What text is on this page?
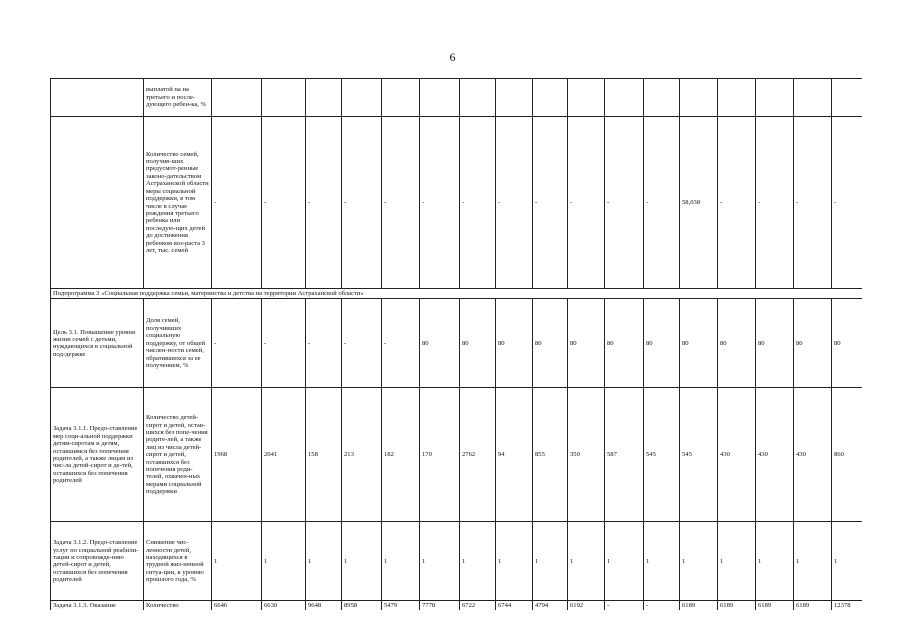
6
	выплатой на на третьего и после-дующего ребен-ка, %																	
	Количество семей, получив-ших предусмот-ренные законо-дательством Астраханской области меры социальной поддержки, в том числе в случае рождения третьего ребенка или последую-щих детей до достижения ребенком воз-раста 3 лет, тыс. семей	-	-	-	-	-	-	-	-	-	-	-	-	58,038	-	-	-	-
Подпрограмма 3 «Социальная поддержка семьи, материнства и детства на территории Астраханской области»																		
Цель 3.1. Повышение уровня жизни семей с детьми, нуждающихся в социальной под-держке	Доля семей, получивших социальную поддержку, от общей числен-ности семей, обратившихся за ее получением, %	-	-	-	-	-	80	80	80	80	80	80	80	80	80	80	80	80
Задача 3.1.1. Предо-ставление мер соци-альной поддержки детям-сиротам и детям, оставшимся без попечения родителей, а также лицам из чис-ла детей-сирот и де-тей, оставшихся без попечения родителей	Количество детей-сирот и детей, остав-шихся без попе-чения родите-лей, а также лиц из числа детей-сирот и детей, оставшихся без попечения роди-телей, охвачен-ных мерами социальной поддержки	1968	2041	158	213	182	170	2762	94	855	350	587	545	545	430	430	430	860
Задача 3.1.2. Предо-ставление услуг по социальной реабили-тации и сопровожде-нию детей-сирот и детей, оставшихся без попечения родителей	Снижение чис-ленности детей, находящихся в трудной жиз-ненной ситуа-ции, к уровню прошлого года, %	1	1	1	1	1	1	1	1	1	1	1	1	1	1	1	1	1
Задача 3.1.3. Оказание	Количество	6646	6630	9648	8958	5479	7778	6722	6744	4794	6192	-	-	6189	6189	6189	6189	12378
